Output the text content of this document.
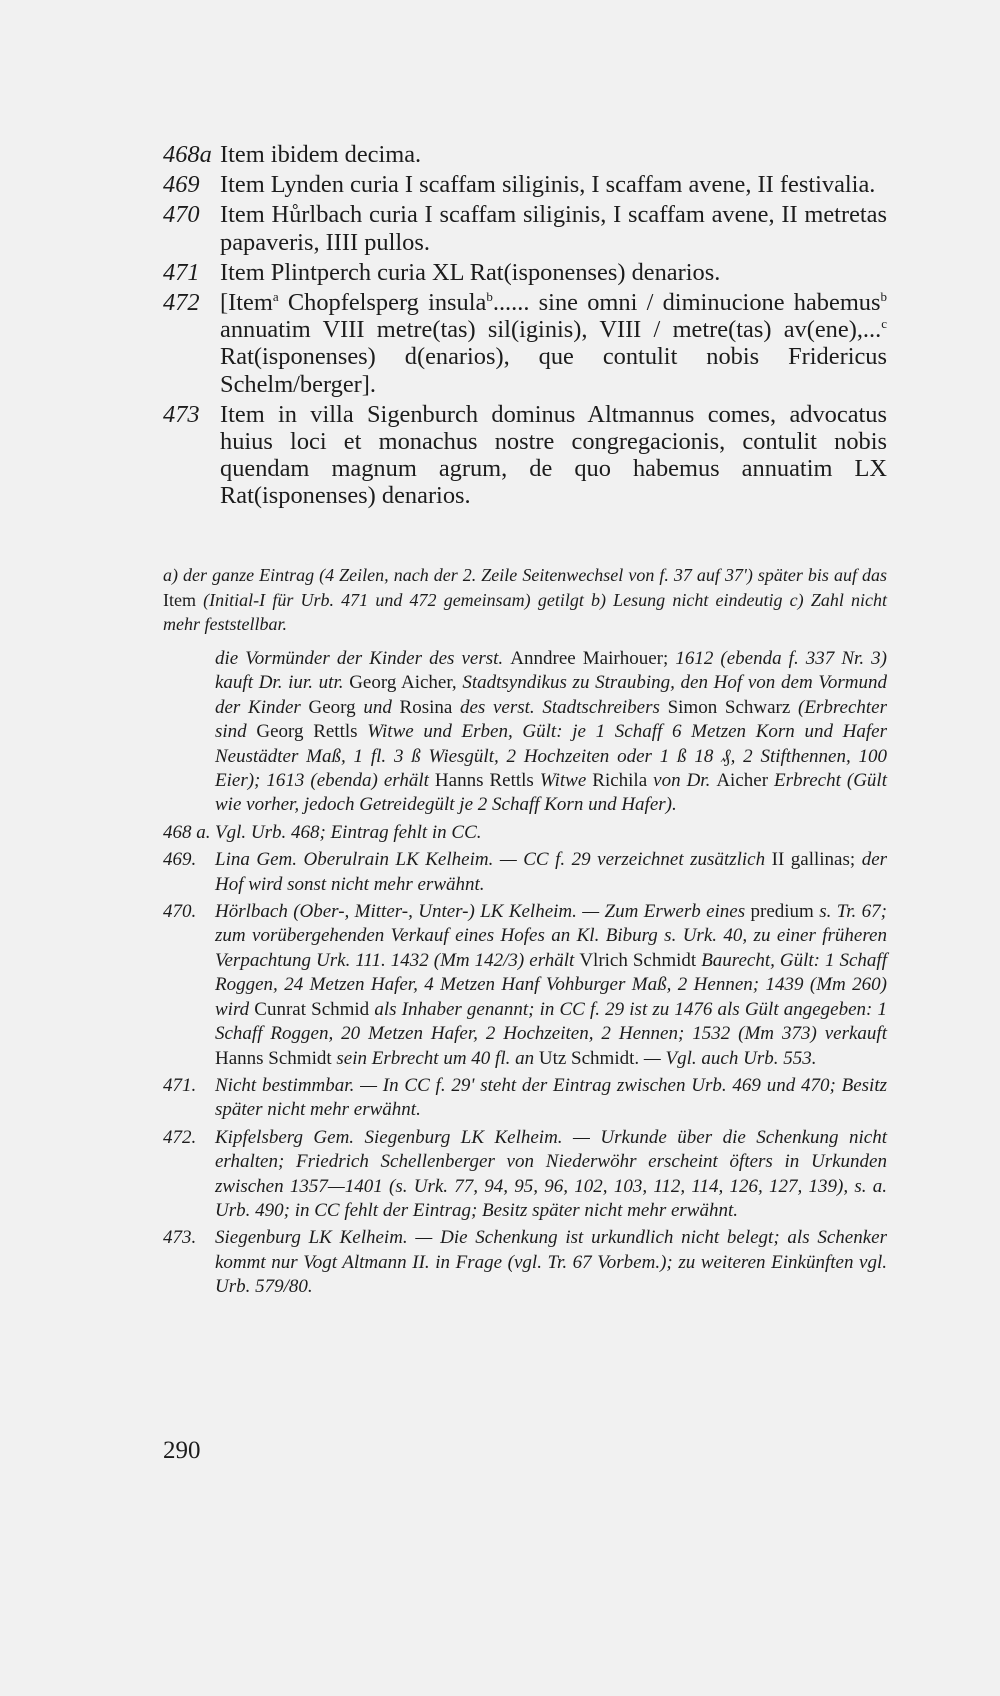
468a Item ibidem decima.
469 Item Lynden curia I scaffam siliginis, I scaffam avene, II festivalia.
470 Item Hůrlbach curia I scaffam siliginis, I scaffam avene, II metretas papaveris, IIII pullos.
471 Item Plintperch curia XL Rat(isponenses) denarios.
472 [Item$^a$ Chopfelsperg insula$^b$...... sine omni / diminucione habemus$^b$ annuatim VIII metre(tas) sil(iginis), VIII / metre(tas) av(ene),...$^c$ Rat(isponenses) d(enarios), que contulit nobis Fridericus Schelm/berger].
473 Item in villa Sigenburch dominus Altmannus comes, advocatus huius loci et monachus nostre congregacionis, contulit nobis quendam magnum agrum, de quo habemus annuatim LX Rat(isponenses) denarios.
a) der ganze Eintrag (4 Zeilen, nach der 2. Zeile Seitenwechsel von f. 37 auf 37') später bis auf das Item (Initial-I für Urb. 471 und 472 gemeinsam) getilgt b) Lesung nicht eindeutig c) Zahl nicht mehr feststellbar.
die Vormünder der Kinder des verst. Anndree Mairhouer; 1612 (ebenda f. 337 Nr. 3) kauft Dr. iur. utr. Georg Aicher, Stadtsyndikus zu Straubing, den Hof von dem Vormund der Kinder Georg und Rosina des verst. Stadtschreibers Simon Schwarz (Erbrechter sind Georg Rettls Witwe und Erben, Gült: je 1 Schaff 6 Metzen Korn und Hafer Neustädter Maß, 1 fl. 3 ß Wiesgült, 2 Hochzeiten oder 1 ß 18 ₰, 2 Stifthennen, 100 Eier); 1613 (ebenda) erhält Hanns Rettls Witwe Richila von Dr. Aicher Erbrecht (Gült wie vorher, jedoch Getreidegült je 2 Schaff Korn und Hafer).
468 a. Vgl. Urb. 468; Eintrag fehlt in CC.
469. Lina Gem. Oberulrain LK Kelheim. — CC f. 29 verzeichnet zusätzlich II gallinas; der Hof wird sonst nicht mehr erwähnt.
470. Hörlbach (Ober-, Mitter-, Unter-) LK Kelheim. — Zum Erwerb eines predium s. Tr. 67; zum vorübergehenden Verkauf eines Hofes an Kl. Biburg s. Urk. 40, zu einer früheren Verpachtung Urk. 111. 1432 (Mm 142/3) erhält Vlrich Schmidt Baurecht, Gült: 1 Schaff Roggen, 24 Metzen Hafer, 4 Metzen Hanf Vohburger Maß, 2 Hennen; 1439 (Mm 260) wird Cunrat Schmid als Inhaber genannt; in CC f. 29 ist zu 1476 als Gült angegeben: 1 Schaff Roggen, 20 Metzen Hafer, 2 Hochzeiten, 2 Hennen; 1532 (Mm 373) verkauft Hanns Schmidt sein Erbrecht um 40 fl. an Utz Schmidt. — Vgl. auch Urb. 553.
471. Nicht bestimmbar. — In CC f. 29' steht der Eintrag zwischen Urb. 469 und 470; Besitz später nicht mehr erwähnt.
472. Kipfelsberg Gem. Siegenburg LK Kelheim. — Urkunde über die Schenkung nicht erhalten; Friedrich Schellenberger von Niederwöhr erscheint öfters in Urkunden zwischen 1357—1401 (s. Urk. 77, 94, 95, 96, 102, 103, 112, 114, 126, 127, 139), s. a. Urb. 490; in CC fehlt der Eintrag; Besitz später nicht mehr erwähnt.
473. Siegenburg LK Kelheim. — Die Schenkung ist urkundlich nicht belegt; als Schenker kommt nur Vogt Altmann II. in Frage (vgl. Tr. 67 Vorbem.); zu weiteren Einkünften vgl. Urb. 579/80.
290
